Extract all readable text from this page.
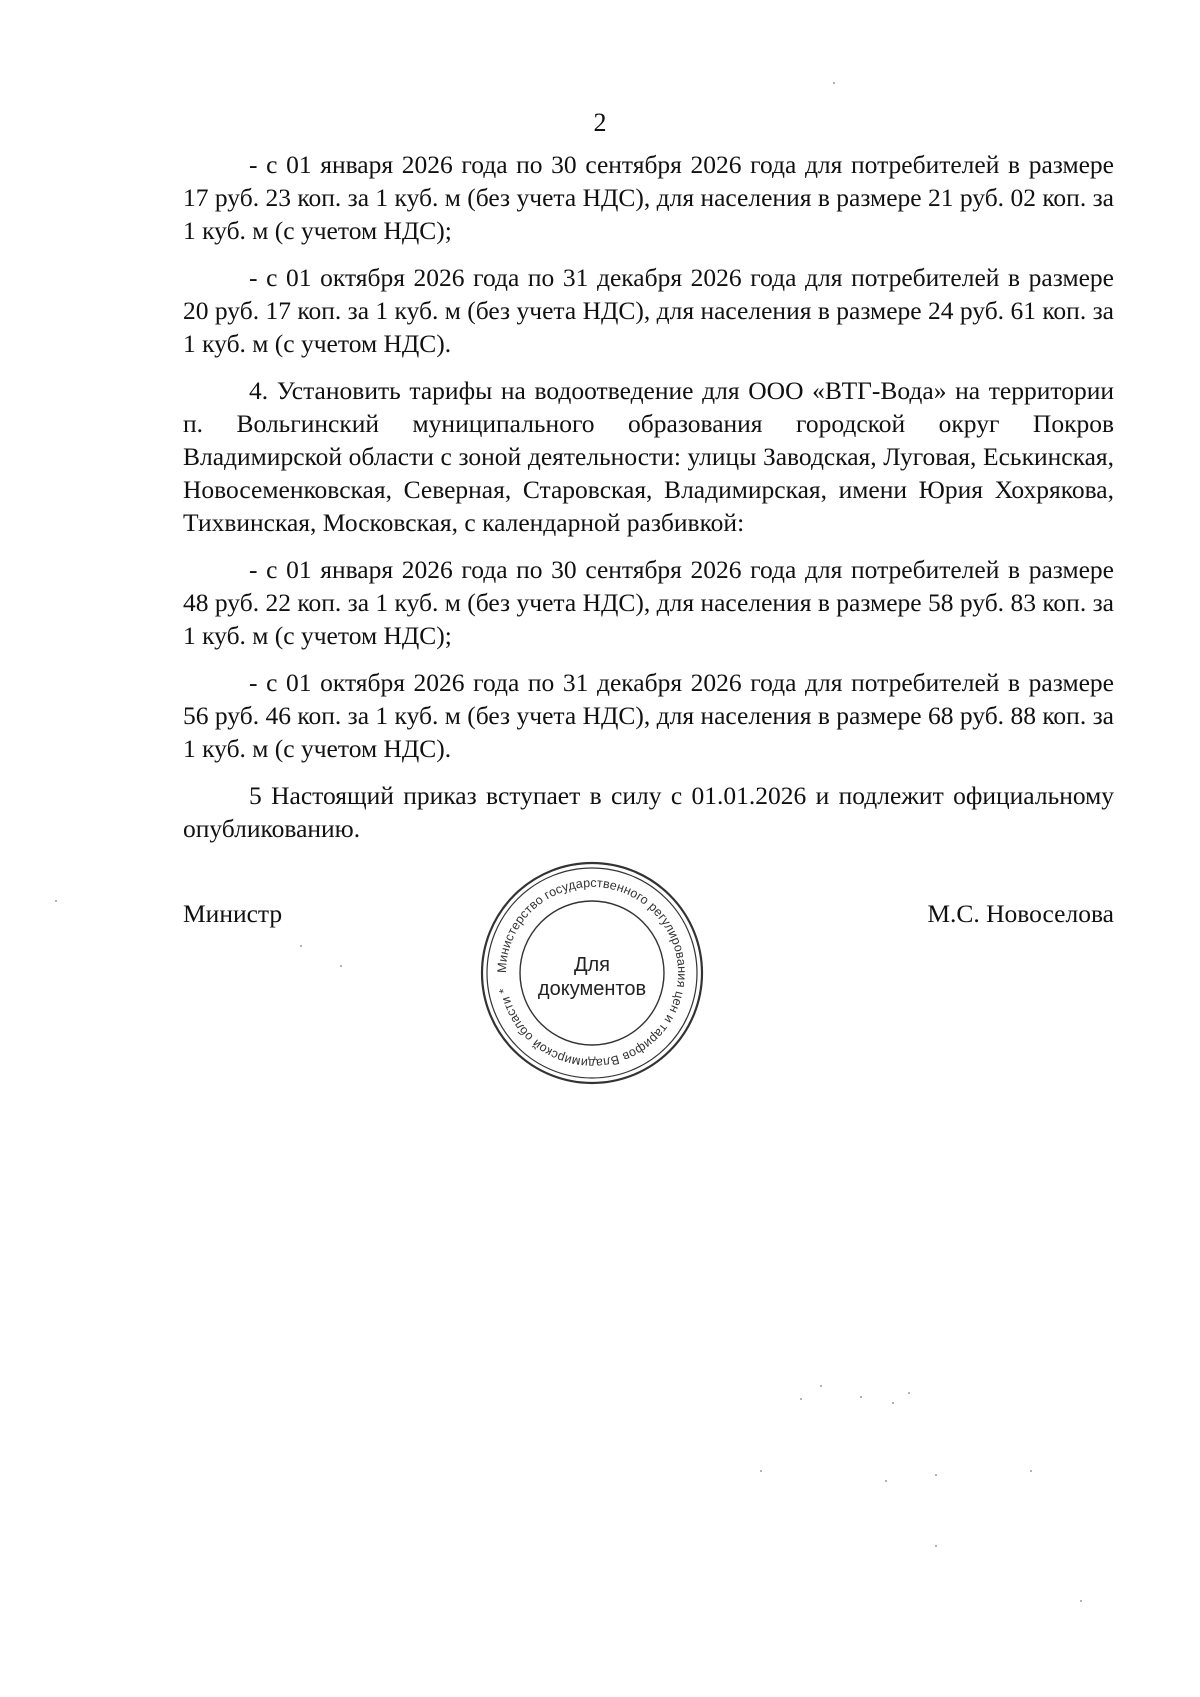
2

- с 01 января 2026 года по 30 сентября 2026 года для потребителей в размере 17 руб. 23 коп. за 1 куб. м (без учета НДС), для населения в размере 21 руб. 02 коп. за 1 куб. м (с учетом НДС);

- с 01 октября 2026 года по 31 декабря 2026 года для потребителей в размере 20 руб. 17 коп. за 1 куб. м (без учета НДС), для населения в размере 24 руб. 61 коп. за 1 куб. м (с учетом НДС).

4. Установить тарифы на водоотведение для ООО «ВТГ-Вода» на территории п. Вольгинский муниципального образования городской округ Покров Владимирской области с зоной деятельности: улицы Заводская, Луговая, Еськинская, Новосеменковская, Северная, Старовская, Владимирская, имени Юрия Хохрякова, Тихвинская, Московская, с календарной разбивкой:

- с 01 января 2026 года по 30 сентября 2026 года для потребителей в размере 48 руб. 22 коп. за 1 куб. м (без учета НДС), для населения в размере 58 руб. 83 коп. за 1 куб. м (с учетом НДС);

- с 01 октября 2026 года по 31 декабря 2026 года для потребителей в размере 56 руб. 46 коп. за 1 куб. м (без учета НДС), для населения в размере 68 руб. 88 коп. за 1 куб. м (с учетом НДС).

5 Настоящий приказ вступает в силу с 01.01.2026 и подлежит официальному опубликованию.

Министр	М.С. Новоселова
Министерство государственного регулирования цен и тарифов Владимирской области *
Для
документов
